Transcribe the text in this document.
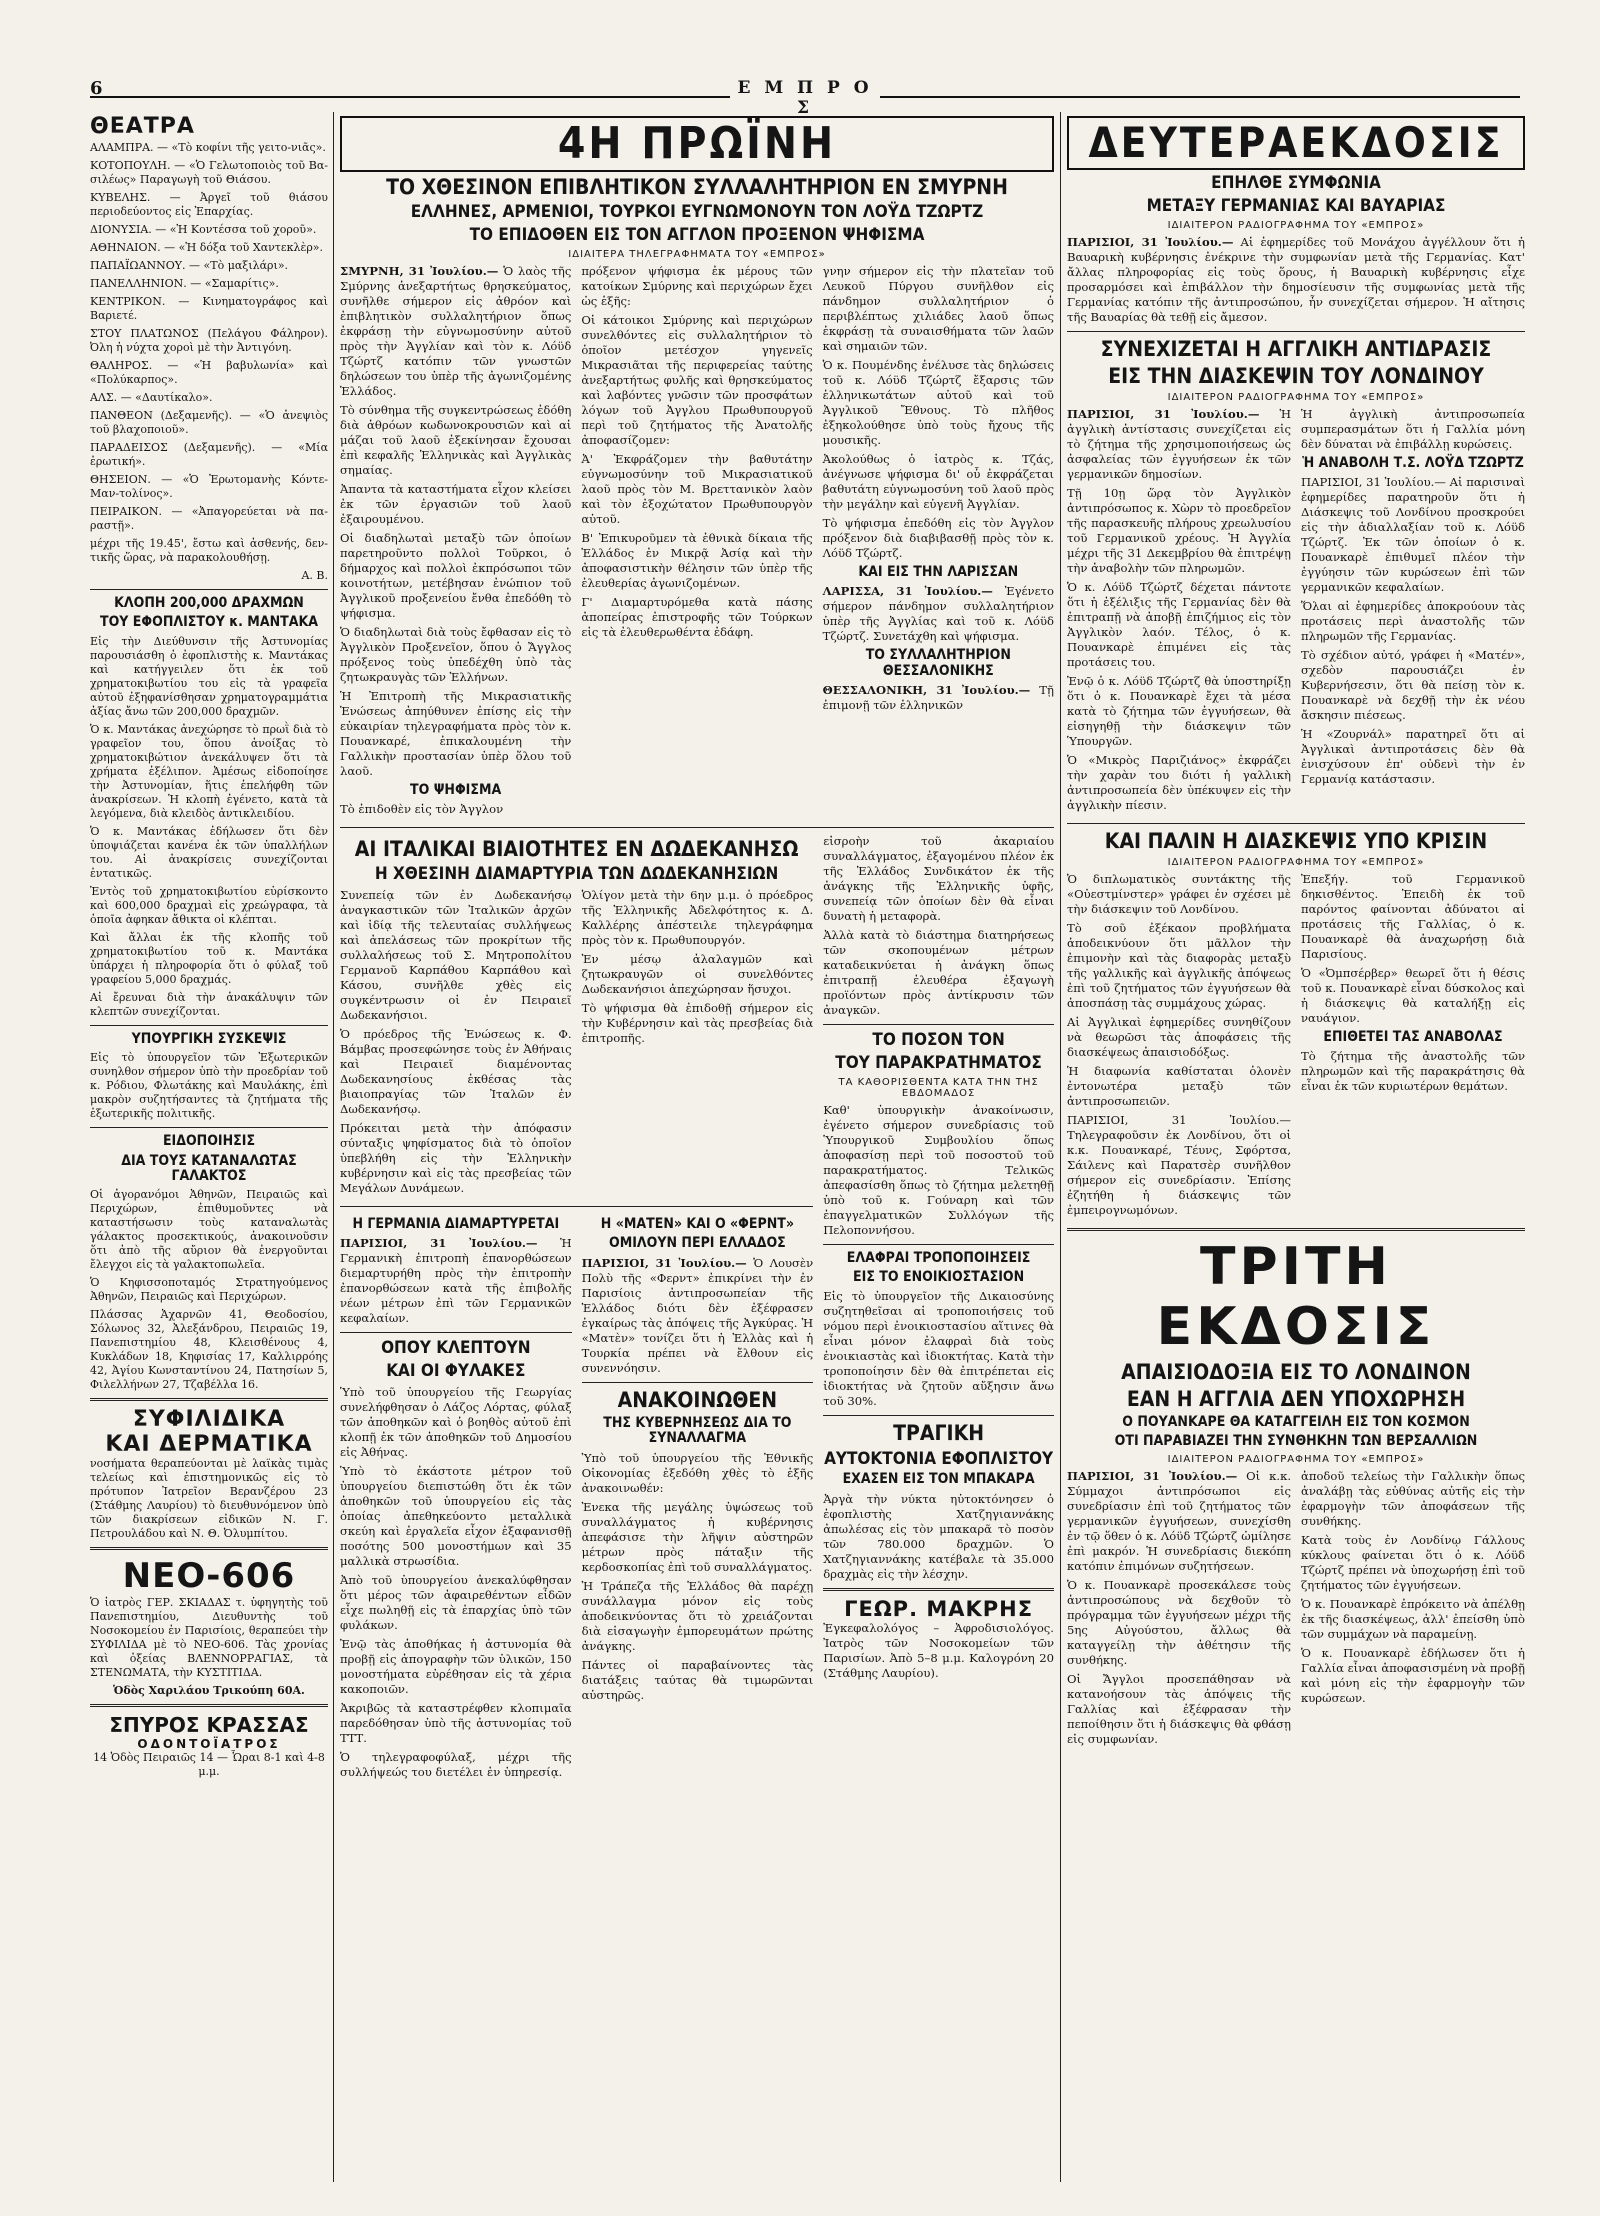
6	Ε Μ Π Ρ Ο Σ
ΘΕΑΤΡΑ

ΑΛΑΜΠΡΑ. — «Τὸ κοφίνι τῆς γειτο-νιᾶς».

ΚΟΤΟΠΟΥΛΗ. — «Ὁ Γελωτοποιὸς τοῦ Βα-σιλέως» Παραγωγὴ τοῦ Θιάσου.

ΚΥΒΕΛΗΣ. — Ἀργεῖ τοῦ θιάσου περιοδεύοντος εἰς Ἐπαρχίας.

ΔΙΟΝΥΣΙΑ. — «Ἡ Κοντέσσα τοῦ χοροῦ».

ΑΘΗΝΑΙΟΝ. — «Ἡ δόξα τοῦ Χαντεκλὲρ».

ΠΑΠΑΪΩΑΝΝΟΥ. — «Τὸ μαξιλάρι».

ΠΑΝΕΛΛΗΝΙΟΝ. — «Σαμαρίτις».

ΚΕΝΤΡΙΚΟΝ. — Κινηματογράφος καὶ Βαριετέ.

ΣΤΟΥ ΠΛΑΤΩΝΟΣ (Πελάγου Φάληρον). Ὀλη ἡ νύχτα χοροὶ μὲ τὴν Ἀντιγόνη.

ΘΑΛΗΡΟΣ. — «Ἡ βαβυλωνία» καὶ «Πολύκαρπος».

ΑΛΣ. — «Δαυτίκαλο».

ΠΑΝΘΕΟΝ (Δεξαμενῆς). — «Ὁ ἀνεψιὸς τοῦ βλαχοποιοῦ».

ΠΑΡΑΔΕΙΣΟΣ (Δεξαμενῆς). — «Μία ἐρωτική».

ΘΗΣΕΙΟΝ. — «Ὁ Ἐρωτομανὴς Κόντε-Μαν-τολίνος».

ΠΕΙΡΑΙΚΟΝ. — «Ἀπαγορεύεται νὰ πα-ραστῇ».

μέχρι τῆς 19.45', ἔστω καὶ ἀσθενής, δεν-τικῆς ὥρας, νὰ παρακολουθήσῃ.

Α. Β.

ΚΛΟΠΗ 200,000 ΔΡΑΧΜΩΝ
ΤΟΥ ΕΦΟΠΛΙΣΤΟΥ κ. ΜΑΝΤΑΚΑ

Εἰς τὴν Διεύθυνσιν τῆς Ἀστυνομίας παρουσιάσθη ὁ ἐφοπλιστὴς κ. Μαντάκας καὶ κατήγγειλεν ὅτι ἐκ τοῦ χρηματοκιβωτίου του εἰς τὰ γραφεῖα αὐτοῦ ἐξηφανίσθησαν χρηματογραμμάτια ἀξίας ἄνω τῶν 200,000 δραχμῶν.

Ὁ κ. Μαντάκας ἀνεχώρησε τὸ πρωῒ διὰ τὸ γραφεῖον του, ὅπου ἀνοίξας τὸ χρηματοκιβώτιον ἀνεκάλυψεν ὅτι τὰ χρήματα ἐξέλιπον. Ἀμέσως εἰδοποίησε τὴν Ἀστυνομίαν, ἥτις ἐπελήφθη τῶν ἀνακρίσεων. Ἡ κλοπὴ ἐγένετο, κατὰ τὰ λεγόμενα, διὰ κλειδὸς ἀντικλειδίου.

Ὁ κ. Μαντάκας ἐδήλωσεν ὅτι δὲν ὑποψιάζεται κανένα ἐκ τῶν ὑπαλλήλων του. Αἱ ἀνακρίσεις συνεχίζονται ἐντατικῶς.

Ἐντὸς τοῦ χρηματοκιβωτίου εὑρίσκοντο καὶ 600,000 δραχμαὶ εἰς χρεώγραφα, τὰ ὁποῖα ἀφηκαν ἄθικτα οἱ κλέπται.

Καὶ ἄλλαι ἐκ τῆς κλοπῆς τοῦ χρηματοκιβωτίου τοῦ κ. Μαντάκα ὑπάρχει ἡ πληροφορία ὅτι ὁ φύλαξ τοῦ γραφείου 5,000 δραχμάς.

Αἱ ἔρευναι διὰ τὴν ἀνακάλυψιν τῶν κλεπτῶν συνεχίζονται.

ΥΠΟΥΡΓΙΚΗ ΣΥΣΚΕΨΙΣ

Εἰς τὸ ὑπουργεῖον τῶν Ἐξωτερικῶν συνηλθον σήμερον ὑπὸ τὴν προεδρίαν τοῦ κ. Ρόδιου, Φλωτάκης καὶ Μαυλάκης, ἐπὶ μακρὸν συζητήσαντες τὰ ζητήματα τῆς ἐξωτερικῆς πολιτικῆς.

ΕΙΔΟΠΟΙΗΣΙΣ
ΔΙΑ ΤΟΥΣ ΚΑΤΑΝΑΛΩΤΑΣ ΓΑΛΑΚΤΟΣ

Οἱ ἀγορανόμοι Ἀθηνῶν, Πειραιῶς καὶ Περιχώρων, ἐπιθυμοῦντες νὰ καταστήσωσιν τοὺς καταναλωτὰς γάλακτος προσεκτικούς, ἀνακοινοῦσιν ὅτι ἀπὸ τῆς αὔριον θὰ ἐνεργοῦνται ἔλεγχοι εἰς τὰ γαλακτοπωλεῖα.

Ὁ Κηφισσοποταμός Στρατηγούμενος Ἀθηνῶν, Πειραιῶς καὶ Περιχώρων.

Πλάσσας Ἀχαρνῶν 41, Θεοδοσίου, Σόλωνος 32, Ἀλεξάνδρου, Πειραιῶς 19, Πανεπιστημίου 48, Κλεισθένους 4, Κυκλάδων 18, Κηφισίας 17, Καλλιρρόης 42, Ἀγίου Κωνσταντίνου 24, Πατησίων 5, Φιλελλήνων 27, Τζαβέλλα 16.

ΣΥΦΙΛΙΔΙΚΑ
ΚΑΙ ΔΕΡΜΑΤΙΚΑ

νοσήματα θεραπεύονται μὲ λαϊκὰς τιμὰς τελείως καὶ ἐπιστημονικῶς εἰς τὸ πρότυπον Ἰατρεῖον Βερανζέρου 23 (Στάθμης Λαυρίου) τὸ διευθυνόμενον ὑπὸ τῶν διακρίσεων εἰδικῶν Ν. Γ. Πετρουλάδου καὶ Ν. Θ. Ὀλυμπίτου.

ΝΕΟ-606

Ὁ ἰατρὸς ΓΕΡ. ΣΚΙΑΔΑΣ τ. ὑφηγητὴς τοῦ Πανεπιστημίου, Διευθυντὴς τοῦ Νοσοκομείου ἐν Παρισίοις, θεραπεύει τὴν ΣΥΦΙΛΙΔΑ μὲ τὸ ΝΕΟ-606. Τὰς χρονίας καὶ ὀξείας ΒΛΕΝΝΟΡΡΑΓΙΑΣ, τὰ ΣΤΕΝΩΜΑΤΑ, τὴν ΚΥΣΤΙΤΙΔΑ.

Ὁδὸς Χαριλάου Τρικούπη 60Α.

ΣΠΥΡΟΣ ΚΡΑΣΣΑΣ
ΟΔΟΝΤΟΪΑΤΡΟΣ

14 Ὁδὸς Πειραιῶς 14 — Ὧραι 8-1 καὶ 4-8 μ.μ.

4Η ΠΡΩΪΝΗ
ΤΟ ΧΘΕΣΙΝΟΝ ΕΠΙΒΛΗΤΙΚΟΝ ΣΥΛΛΑΛΗΤΗΡΙΟΝ ΕΝ ΣΜΥΡΝΗ
ΕΛΛΗΝΕΣ, ΑΡΜΕΝΙΟΙ, ΤΟΥΡΚΟΙ ΕΥΓΝΩΜΟΝΟΥΝ ΤΟΝ ΛΟΫΔ ΤΖΩΡΤΖ
ΤΟ ΕΠΙΔΟΘΕΝ ΕΙΣ ΤΟΝ ΑΓΓΛΟΝ ΠΡΟΞΕΝΟΝ ΨΗΦΙΣΜΑ
ΙΔΙΑΙΤΕΡΑ ΤΗΛΕΓΡΑΦΗΜΑΤΑ ΤΟΥ «ΕΜΠΡΟΣ»

ΣΜΥΡΝΗ, 31 Ἰουλίου.— Ὁ λαὸς τῆς Σμύρνης ἀνεξαρτήτως θρησκεύματος, συνῆλθε σήμερον εἰς ἀθρόον καὶ ἐπιβλητικὸν συλλαλητήριον ὅπως ἐκφράσῃ τὴν εὐγνωμοσύνην αὐτοῦ πρὸς τὴν Ἀγγλίαν καὶ τὸν κ. Λόϋδ Τζώρτζ κατόπιν τῶν γνωστῶν δηλώσεων του ὑπὲρ τῆς ἀγωνιζομένης Ἑλλάδος.

Τὸ σύνθημα τῆς συγκεντρώσεως ἐδόθη διὰ ἀθρόων κωδωνοκρουσιῶν καὶ αἱ μάζαι τοῦ λαοῦ ἐξεκίνησαν ἔχουσαι ἐπὶ κεφαλῆς Ἑλληνικὰς καὶ Ἀγγλικὰς σημαίας.

Ἀπαντα τὰ καταστήματα εἶχον κλείσει ἐκ τῶν ἐργασιῶν τοῦ λαοῦ ἐξαιρουμένου.

Οἱ διαδηλωταὶ μεταξὺ τῶν ὁποίων παρετηροῦντο πολλοὶ Τοῦρκοι, ὁ δήμαρχος καὶ πολλοὶ ἐκπρόσωποι τῶν κοινοτήτων, μετέβησαν ἐνώπιον τοῦ Ἀγγλικοῦ προξενείου ἔνθα ἐπεδόθη τὸ ψήφισμα.

Ὁ διαδηλωταὶ διὰ τοὺς ἔφθασαν εἰς τὸ Ἀγγλικὸν Προξενεῖον, ὅπου ὁ Ἄγγλος πρόξενος τοὺς ὑπεδέχθη ὑπὸ τὰς ζητωκραυγὰς τῶν Ἑλλήνων.

Ἡ Ἐπιτροπὴ τῆς Μικρασιατικῆς Ἑνώσεως ἀπηύθυνεν ἐπίσης εἰς τὴν εὐκαιρίαν τηλεγραφήματα πρὸς τὸν κ. Πουανκαρέ, ἐπικαλουμένη τὴν Γαλλικὴν προστασίαν ὑπὲρ ὅλου τοῦ λαοῦ.

ΤΟ ΨΗΦΙΣΜΑ

Τὸ ἐπιδοθὲν εἰς τὸν Ἀγγλον

πρόξενον ψήφισμα ἐκ μέρους τῶν κατοίκων Σμύρνης καὶ περιχώρων ἔχει ὡς ἑξῆς:

Οἱ κάτοικοι Σμύρνης καὶ περιχώρων συνελθόντες εἰς συλλαλητήριον τὸ ὁποῖον μετέσχον γηγενεῖς Μικρασιᾶται τῆς περιφερείας ταύτης ἀνεξαρτήτως φυλῆς καὶ θρησκεύματος καὶ λαβόντες γνῶσιν τῶν προσφάτων λόγων τοῦ Ἀγγλου Πρωθυπουργοῦ περὶ τοῦ ζητήματος τῆς Ἀνατολῆς ἀποφασίζομεν:

Ἀ' Ἐκφράζομεν τὴν βαθυτάτην εὐγνωμοσύνην τοῦ Μικρασιατικοῦ λαοῦ πρὸς τὸν Μ. Βρεττανικὸν λαὸν καὶ τὸν ἐξοχώτατον Πρωθυπουργὸν αὐτοῦ.

Β' Ἐπικυροῦμεν τὰ ἐθνικὰ δίκαια τῆς Ἑλλάδος ἐν Μικρᾷ Ἀσίᾳ καὶ τὴν ἀποφασιστικὴν θέλησιν τῶν ὑπὲρ τῆς ἐλευθερίας ἀγωνιζομένων.

Γ' Διαμαρτυρόμεθα κατὰ πάσης ἀποπείρας ἐπιστροφῆς τῶν Τούρκων εἰς τὰ ἐλευθερωθέντα ἐδάφη.

γνην σήμερον εἰς τὴν πλατεῖαν τοῦ Λευκοῦ Πύργου συνῆλθον εἰς πάνδημον συλλαλητήριον ὁ περιβλέπτως χιλιάδες λαοῦ ὅπως ἐκφράσῃ τὰ συναισθήματα τῶν λαῶν καὶ σημαιῶν τῶν.

Ὁ κ. Πουμένδης ἐνέλυσε τὰς δηλώσεις τοῦ κ. Λόϋδ Τζώρτζ ἔξαρσις τῶν ἑλληνικωτάτων αὐτοῦ καὶ τοῦ Ἀγγλικοῦ Ἔθνους. Τὸ πλῆθος ἐξηκολούθησε ὑπὸ τοὺς ἤχους τῆς μουσικῆς.

Ἀκολούθως ὁ ἰατρὸς κ. Τζάς, ἀνέγνωσε ψήφισμα δι' οὗ ἐκφράζεται βαθυτάτη εὐγνωμοσύνη τοῦ λαοῦ πρὸς τὴν μεγάλην καὶ εὐγενῆ Ἀγγλίαν.

Τὸ ψήφισμα ἐπεδόθη εἰς τὸν Ἀγγλον πρόξενον διὰ διαβιβασθῇ πρὸς τὸν κ. Λόϋδ Τζώρτζ.

ΚΑΙ ΕΙΣ ΤΗΝ ΛΑΡΙΣΣΑΝ

ΛΑΡΙΣΣΑ, 31 Ἰουλίου.— Ἐγένετο σήμερον πάνδημον συλλαλητήριον ὑπὲρ τῆς Ἀγγλίας καὶ τοῦ κ. Λόϋδ Τζώρτζ. Συνετάχθη καὶ ψήφισμα.

ΤΟ ΣΥΛΛΑΛΗΤΗΡΙΟΝ ΘΕΣΣΑΛΟΝΙΚΗΣ

ΘΕΣΣΑΛΟΝΙΚΗ, 31 Ἰουλίου.— Τῇ ἐπιμονῇ τῶν ἑλληνικῶν

ΑΙ ΙΤΑΛΙΚΑΙ ΒΙΑΙΟΤΗΤΕΣ ΕΝ ΔΩΔΕΚΑΝΗΣΩ
Η ΧΘΕΣΙΝΗ ΔΙΑΜΑΡΤΥΡΙΑ ΤΩΝ ΔΩΔΕΚΑΝΗΣΙΩΝ

Συνεπείᾳ τῶν ἐν Δωδεκανήσῳ ἀναγκαστικῶν τῶν Ἰταλικῶν ἀρχῶν καὶ ἰδίᾳ τῆς τελευταίας συλλήψεως καὶ ἀπελάσεως τῶν προκρίτων τῆς συλλαλήσεως τοῦ Σ. Μητροπολίτου Γερμανοῦ Καρπάθου Καρπάθου καὶ Κάσου, συνῆλθε χθὲς εἰς συγκέντρωσιν οἱ ἐν Πειραιεῖ Δωδεκανήσιοι.

Ὁ πρόεδρος τῆς Ἑνώσεως κ. Φ. Βάμβας προσεφώνησε τοὺς ἐν Ἀθήναις καὶ Πειραιεῖ διαμένοντας Δωδεκανησίους ἐκθέσας τὰς βιαιοπραγίας τῶν Ἰταλῶν ἐν Δωδεκανήσῳ.

Πρόκειται μετὰ τὴν ἀπόφασιν σύνταξις ψηφίσματος διὰ τὸ ὁποῖον ὑπεβλήθη εἰς τὴν Ἑλληνικὴν κυβέρνησιν καὶ εἰς τὰς πρεσβείας τῶν Μεγάλων Δυνάμεων.

Ὁλίγον μετὰ τὴν 6ην μ.μ. ὁ πρόεδρος τῆς Ἑλληνικῆς Ἀδελφότητος κ. Δ. Καλλέρης ἀπέστειλε τηλεγράφημα πρὸς τὸν κ. Πρωθυπουργόν.

Ἐν μέσῳ ἀλαλαγμῶν καὶ ζητωκραυγῶν οἱ συνελθόντες Δωδεκανήσιοι ἀπεχώρησαν ἥσυχοι.

Τὸ ψήφισμα θὰ ἐπιδοθῇ σήμερον εἰς τὴν Κυβέρνησιν καὶ τὰς πρεσβείας διὰ ἐπιτροπῆς.

Η ΓΕΡΜΑΝΙΑ ΔΙΑΜΑΡΤΥΡΕΤΑΙ

ΠΑΡΙΣΙΟΙ, 31 Ἰουλίου.— Ἡ Γερμανικὴ ἐπιτροπὴ ἐπανορθώσεων διεμαρτυρήθη πρὸς τὴν ἐπιτροπὴν ἐπανορθώσεων κατὰ τῆς ἐπιβολῆς νέων μέτρων ἐπὶ τῶν Γερμανικῶν κεφαλαίων.

ΟΠΟΥ ΚΛΕΠΤΟΥΝ
ΚΑΙ ΟΙ ΦΥΛΑΚΕΣ

Ὑπὸ τοῦ ὑπουργείου τῆς Γεωργίας συνελήφθησαν ὁ Λάζος Λόρτας, φύλαξ τῶν ἀποθηκῶν καὶ ὁ βοηθὸς αὐτοῦ ἐπὶ κλοπῇ ἐκ τῶν ἀποθηκῶν τοῦ Δημοσίου εἰς Ἀθήνας.

Ὑπὸ τὸ ἐκάστοτε μέτρον τοῦ ὑπουργείου διεπιστώθη ὅτι ἐκ τῶν ἀποθηκῶν τοῦ ὑπουργείου εἰς τὰς ὁποίας ἀπεθηκεύοντο μεταλλικὰ σκεύη καὶ ἐργαλεῖα εἶχον ἐξαφανισθῇ ποσότης 500 μονοστήμων καὶ 35 μαλλικὰ στρωσίδια.

Ἀπὸ τοῦ ὑπουργείου ἀνεκαλύφθησαν ὅτι μέρος τῶν ἀφαιρεθέντων εἶδῶν εἶχε πωληθῇ εἰς τὰ ἐπαρχίας ὑπὸ τῶν φυλάκων.

Ἐνῷ τὰς ἀποθήκας ἡ ἀστυνομία θὰ προβῇ εἰς ἀπογραφὴν τῶν ὑλικῶν, 150 μονοστήματα εὑρέθησαν εἰς τὰ χέρια κακοποιῶν.

Ἀκριβῶς τὰ καταστρέφθεν κλοπιμαῖα παρεδόθησαν ὑπὸ τῆς ἀστυνομίας τοῦ ΤΤΤ.

Ὁ τηλεγραφοφύλαξ, μέχρι τῆς συλλήψεώς του διετέλει ἐν ὑπηρεσίᾳ.

Η «ΜΑΤΕΝ» ΚΑΙ Ο «ΦΕΡΝΤ»
ΟΜΙΛΟΥΝ ΠΕΡΙ ΕΛΛΑΔΟΣ

ΠΑΡΙΣΙΟΙ, 31 Ἰουλίου.— Ὁ Λουσὲν Πολὺ τῆς «Φερντ» ἐπικρίνει τὴν ἐν Παρισίοις ἀντιπροσωπείαν τῆς Ἑλλάδος διότι δὲν ἐξέφρασεν ἐγκαίρως τὰς ἀπόψεις τῆς Ἀγκύρας. Ἡ «Ματὲν» τονίζει ὅτι ἡ Ἑλλὰς καὶ ἡ Τουρκία πρέπει νὰ ἔλθουν εἰς συνεννόησιν.

ΑΝΑΚΟΙΝΩΘΕΝ
ΤΗΣ ΚΥΒΕΡΝΗΣΕΩΣ ΔΙΑ ΤΟ ΣΥΝΑΛΛΑΓΜΑ

Ὑπὸ τοῦ ὑπουργείου τῆς Ἐθνικῆς Οἰκονομίας ἐξεδόθη χθὲς τὸ ἑξῆς ἀνακοινωθέν:

Ἐνεκα τῆς μεγάλης ὑψώσεως τοῦ συναλλάγματος ἡ κυβέρνησις ἀπεφάσισε τὴν λῆψιν αὐστηρῶν μέτρων πρὸς πάταξιν τῆς κερδοσκοπίας ἐπὶ τοῦ συναλλάγματος.

Ἡ Τράπεζα τῆς Ἑλλάδος θὰ παρέχῃ συνάλλαγμα μόνον εἰς τοὺς ἀποδεικνύοντας ὅτι τὸ χρειάζονται διὰ εἰσαγωγὴν ἐμπορευμάτων πρώτης ἀνάγκης.

Πάντες οἱ παραβαίνοντες τὰς διατάξεις ταύτας θὰ τιμωρῶνται αὐστηρῶς.

εἰσροὴν τοῦ ἀκαριαίου συναλλάγματος, ἐξαγομένου πλέον ἐκ τῆς Ἑλλάδος Συνδικάτον ἐκ τῆς ἀνάγκης τῆς Ἑλληνικῆς ὑφῆς, συνεπείᾳ τῶν ὁποίων δὲν θὰ εἶναι δυνατὴ ἡ μεταφορὰ.

Ἀλλὰ κατὰ τὸ διάστημα διατηρήσεως τῶν σκοπουμένων μέτρων καταδεικνύεται ἡ ἀνάγκη ὅπως ἐπιτραπῇ ἐλευθέρα ἐξαγωγὴ προϊόντων πρὸς ἀντίκρυσιν τῶν ἀναγκῶν.

ΤΟ ΠΟΣΟΝ ΤΟΝ
ΤΟΥ ΠΑΡΑΚΡΑΤΗΜΑΤΟΣ
ΤΑ ΚΑΘΟΡΙΣΘΕΝΤΑ ΚΑΤΑ ΤΗΝ ΤΗΣ ΕΒΔΟΜΑΔΟΣ

Καθ' ὑπουργικὴν ἀνακοίνωσιν, ἐγένετο σήμερον συνεδρίασις τοῦ Ὑπουργικοῦ Συμβουλίου ὅπως ἀποφασίσῃ περὶ τοῦ ποσοστοῦ τοῦ παρακρατήματος. Τελικῶς ἀπεφασίσθη ὅπως τὸ ζήτημα μελετηθῇ ὑπὸ τοῦ κ. Γούναρη καὶ τῶν ἐπαγγελματικῶν Συλλόγων τῆς Πελοποννήσου.

ΕΛΑΦΡΑΙ ΤΡΟΠΟΠΟΙΗΣΕΙΣ
ΕΙΣ ΤΟ ΕΝΟΙΚΙΟΣΤΑΣΙΟΝ

Εἰς τὸ ὑπουργεῖον τῆς Δικαιοσύνης συζητηθεῖσαι αἱ τροποποιήσεις τοῦ νόμου περὶ ἐνοικιοστασίου αἵτινες θὰ εἶναι μόνον ἐλαφραὶ διὰ τοὺς ἐνοικιαστὰς καὶ ἰδιοκτήτας. Κατὰ τὴν τροποποίησιν δὲν θὰ ἐπιτρέπεται εἰς ἰδιοκτήτας νὰ ζητοῦν αὔξησιν ἄνω τοῦ 30%.

ΤΡΑΓΙΚΗ
ΑΥΤΟΚΤΟΝΙΑ ΕΦΟΠΛΙΣΤΟΥ
ΕΧΑΣΕΝ ΕΙΣ ΤΟΝ ΜΠΑΚΑΡΑ

Ἀργὰ τὴν νύκτα ηὐτοκτόνησεν ὁ ἐφοπλιστὴς Χατζηγιαννάκης ἀπωλέσας εἰς τὸν μπακαρᾶ τὸ ποσὸν τῶν 780.000 δραχμῶν. Ὁ Χατζηγιαννάκης κατέβαλε τὰ 35.000 δραχμὰς εἰς τὴν λέσχην.

ΓΕΩΡ. ΜΑΚΡΗΣ

Ἐγκεφαλολόγος – Ἀφροδισιολόγος. Ἰατρὸς τῶν Νοσοκομείων τῶν Παρισίων. Ἀπὸ 5–8 μ.μ. Καλογρόνη 20 (Στάθμης Λαυρίου).

ΔΕΥΤΕΡΑΕΚΔΟΣΙΣ
ΕΠΗΛΘΕ ΣΥΜΦΩΝΙΑ
ΜΕΤΑΞΥ ΓΕΡΜΑΝΙΑΣ ΚΑΙ ΒΑΥΑΡΙΑΣ
ΙΔΙΑΙΤΕΡΟΝ ΡΑΔΙΟΓΡΑΦΗΜΑ ΤΟΥ «ΕΜΠΡΟΣ»

ΠΑΡΙΣΙΟΙ, 31 Ἰουλίου.— Αἱ ἐφημερίδες τοῦ Μονάχου ἀγγέλλουν ὅτι ἡ Βαυαρικὴ κυβέρνησις ἐνέκρινε τὴν συμφωνίαν μετὰ τῆς Γερμανίας. Κατ' ἄλλας πληροφορίας εἰς τοὺς ὅρους, ἡ Βαυαρικὴ κυβέρνησις εἶχε προσαρμόσει καὶ ἐπιβάλλον τὴν δημοσίευσιν τῆς συμφωνίας μετὰ τῆς Γερμανίας κατόπιν τῆς ἀντιπροσώπου, ἦν συνεχίζεται σήμερον. Ἡ αἴτησις τῆς Βαυαρίας θὰ τεθῇ εἰς ἄμεσον.

ΣΥΝΕΧΙΖΕΤΑΙ Η ΑΓΓΛΙΚΗ ΑΝΤΙΔΡΑΣΙΣ
ΕΙΣ ΤΗΝ ΔΙΑΣΚΕΨΙΝ ΤΟΥ ΛΟΝΔΙΝΟΥ
ΙΔΙΑΙΤΕΡΟΝ ΡΑΔΙΟΓΡΑΦΗΜΑ ΤΟΥ «ΕΜΠΡΟΣ»

ΠΑΡΙΣΙΟΙ, 31 Ἰουλίου.— Ἡ ἀγγλικὴ ἀντίστασις συνεχίζεται εἰς τὸ ζήτημα τῆς χρησιμοποιήσεως ὡς ἀσφαλείας τῶν ἐγγυήσεων ἐκ τῶν γερμανικῶν δημοσίων.

Τῇ 10ῃ ὥρᾳ τὸν Ἀγγλικὸν ἀντιπρόσωπος κ. Χὼρν τὸ προεδρεῖον τῆς παρασκευῆς πλήρους χρεωλυσίου τοῦ Γερμανικοῦ χρέους. Ἡ Ἀγγλία μέχρι τῆς 31 Δεκεμβρίου θὰ ἐπιτρέψῃ τὴν ἀναβολὴν τῶν πληρωμῶν.

Ὁ κ. Λόϋδ Τζώρτζ δέχεται πάντοτε ὅτι ἡ ἐξέλιξις τῆς Γερμανίας δὲν θὰ ἐπιτραπῇ νὰ ἀποβῇ ἐπιζήμιος εἰς τὸν Ἀγγλικὸν λαόν. Τέλος, ὁ κ. Πουανκαρὲ ἐπιμένει εἰς τὰς προτάσεις του.

Ἐνῷ ὁ κ. Λόϋδ Τζώρτζ θὰ ὑποστηρίξῃ ὅτι ὁ κ. Πουανκαρὲ ἔχει τὰ μέσα κατὰ τὸ ζήτημα τῶν ἐγγυήσεων, θὰ εἰσηγηθῇ τὴν διάσκεψιν τῶν Ὑπουργῶν.

Ὁ «Μικρὸς Παριζιάνος» ἐκφράζει τὴν χαρὰν του διότι ἡ γαλλικὴ ἀντιπροσωπεία δὲν ὑπέκυψεν εἰς τὴν ἀγγλικὴν πίεσιν.

Ἡ ἀγγλικὴ ἀντιπροσωπεία συμπερασμάτων ὅτι ἡ Γαλλία μόνη δὲν δύναται νὰ ἐπιβάλλῃ κυρώσεις.

Ἡ ΑΝΑΒΟΛΗ Τ.Σ. ΛΟΫΔ ΤΖΩΡΤΖ

ΠΑΡΙΣΙΟΙ, 31 Ἰουλίου.— Αἱ παρισιναὶ ἐφημερίδες παρατηροῦν ὅτι ἡ Διάσκεψις τοῦ Λονδίνου προσκρούει εἰς τὴν ἀδιαλλαξίαν τοῦ κ. Λόϋδ Τζώρτζ. Ἐκ τῶν ὁποίων ὁ κ. Πουανκαρὲ ἐπιθυμεῖ πλέον τὴν ἐγγύησιν τῶν κυρώσεων ἐπὶ τῶν γερμανικῶν κεφαλαίων.

Ὅλαι αἱ ἐφημερίδες ἀποκρούουν τὰς προτάσεις περὶ ἀναστολῆς τῶν πληρωμῶν τῆς Γερμανίας.

Τὸ σχέδιον αὐτό, γράφει ἡ «Ματέν», σχεδὸν παρουσιάζει ἐν Κυβερνήσεσιν, ὅτι θὰ πείσῃ τὸν κ. Πουανκαρὲ νὰ δεχθῇ τὴν ἐκ νέου ἄσκησιν πιέσεως.

Ἡ «Ζουρνάλ» παρατηρεῖ ὅτι αἱ Ἀγγλικαὶ ἀντιπροτάσεις δὲν θὰ ἐνισχύσουν ἐπ' οὐδενὶ τὴν ἐν Γερμανίᾳ κατάστασιν.

ΚΑΙ ΠΑΛΙΝ Η ΔΙΑΣΚΕΨΙΣ ΥΠΟ ΚΡΙΣΙΝ
ΙΔΙΑΙΤΕΡΟΝ ΡΑΔΙΟΓΡΑΦΗΜΑ ΤΟΥ «ΕΜΠΡΟΣ»

Ὁ διπλωματικὸς συντάκτης τῆς «Οὐεστμίνστερ» γράφει ἐν σχέσει μὲ τὴν διάσκεψιν τοῦ Λονδίνου.

Τὸ σοῦ ἐξέκαον προβλήματα ἀποδεικνύουν ὅτι μᾶλλον τὴν ἐπιμονὴν καὶ τὰς διαφορὰς μεταξὺ τῆς γαλλικῆς καὶ ἀγγλικῆς ἀπόψεως ἐπὶ τοῦ ζητήματος τῶν ἐγγυήσεων θὰ ἀποσπάσῃ τὰς συμμάχους χώρας.

Αἱ Ἀγγλικαὶ ἐφημερίδες συνηθίζουν νὰ θεωρῶσι τὰς ἀποφάσεις τῆς διασκέψεως ἀπαισιοδόξως.

Ἡ διαφωνία καθίσταται ὁλονὲν ἐντονωτέρα μεταξὺ τῶν ἀντιπροσωπειῶν.

ΠΑΡΙΣΙΟΙ, 31 Ἰουλίου.— Τηλεγραφοῦσιν ἐκ Λονδίνου, ὅτι οἱ κ.κ. Πουανκαρέ, Τέυνς, Σφόρτσα, Σάιλενς καὶ Παρατσὲρ συνῆλθον σήμερον εἰς συνεδρίασιν. Ἐπίσης ἐζητήθη ἡ διάσκεψις τῶν ἐμπειρογνωμόνων.

Ἐπεξήγ. τοῦ Γερμανικοῦ δηκισθέντος. Ἐπειδὴ ἐκ τοῦ παρόντος φαίνονται ἀδύνατοι αἱ προτάσεις τῆς Γαλλίας, ὁ κ. Πουανκαρὲ θὰ ἀναχωρήσῃ διὰ Παρισίους.

Ὁ «Ὀμπσέρβερ» θεωρεῖ ὅτι ἡ θέσις τοῦ κ. Πουανκαρὲ εἶναι δύσκολος καὶ ἡ διάσκεψις θὰ καταλήξῃ εἰς ναυάγιον.

ΕΠΙΘΕΤΕΙ ΤΑΣ ΑΝΑΒΟΛΑΣ

Τὸ ζήτημα τῆς ἀναστολῆς τῶν πληρωμῶν καὶ τῆς παρακράτησις θὰ εἶναι ἐκ τῶν κυριωτέρων θεμάτων.

ΤΡΙΤΗ ΕΚΔΟΣΙΣ
ΑΠΑΙΣΙΟΔΟΞΙΑ ΕΙΣ ΤΟ ΛΟΝΔΙΝΟΝ
ΕΑΝ Η ΑΓΓΛΙΑ ΔΕΝ ΥΠΟΧΩΡΗΣΗ
Ο ΠΟΥΑΝΚΑΡΕ ΘΑ ΚΑΤΑΓΓΕΙΛΗ ΕΙΣ ΤΟΝ ΚΟΣΜΟΝ
ΟΤΙ ΠΑΡΑΒΙΑΖΕΙ ΤΗΝ ΣΥΝΘΗΚΗΝ ΤΩΝ ΒΕΡΣΑΛΛΙΩΝ
ΙΔΙΑΙΤΕΡΟΝ ΡΑΔΙΟΓΡΑΦΗΜΑ ΤΟΥ «ΕΜΠΡΟΣ»

ΠΑΡΙΣΙΟΙ, 31 Ἰουλίου.— Οἱ κ.κ. Σύμμαχοι ἀντιπρόσωποι εἰς συνεδρίασιν ἐπὶ τοῦ ζητήματος τῶν γερμανικῶν ἐγγυήσεων, συνεχίσθη ἐν τῷ ὅθεν ὁ κ. Λόϋδ Τζώρτζ ὠμίλησε ἐπὶ μακρόν. Ἡ συνεδρίασις διεκόπη κατόπιν ἐπιμόνων συζητήσεων.

Ὁ κ. Πουανκαρὲ προσεκάλεσε τοὺς ἀντιπροσώπους νὰ δεχθοῦν τὸ πρόγραμμα τῶν ἐγγυήσεων μέχρι τῆς 5ης Αὐγούστου, ἄλλως θὰ καταγγείλῃ τὴν ἀθέτησιν τῆς συνθήκης.

Οἱ Ἄγγλοι προσεπάθησαν νὰ κατανοήσουν τὰς ἀπόψεις τῆς Γαλλίας καὶ ἐξέφρασαν τὴν πεποίθησιν ὅτι ἡ διάσκεψις θὰ φθάσῃ εἰς συμφωνίαν.

ἀποδοῦ τελείως τὴν Γαλλικὴν ὅπως ἀναλάβῃ τὰς εὐθύνας αὐτῆς εἰς τὴν ἐφαρμογὴν τῶν ἀποφάσεων τῆς συνθήκης.

Κατὰ τοὺς ἐν Λονδίνῳ Γάλλους κύκλους φαίνεται ὅτι ὁ κ. Λόϋδ Τζώρτζ πρέπει νὰ ὑποχωρήσῃ ἐπὶ τοῦ ζητήματος τῶν ἐγγυήσεων.

Ὁ κ. Πουανκαρὲ ἐπρόκειτο νὰ ἀπέλθῃ ἐκ τῆς διασκέψεως, ἀλλ' ἐπείσθη ὑπὸ τῶν συμμάχων νὰ παραμείνῃ.

Ὁ κ. Πουανκαρὲ ἐδήλωσεν ὅτι ἡ Γαλλία εἶναι ἀποφασισμένη νὰ προβῇ καὶ μόνη εἰς τὴν ἐφαρμογὴν τῶν κυρώσεων.
